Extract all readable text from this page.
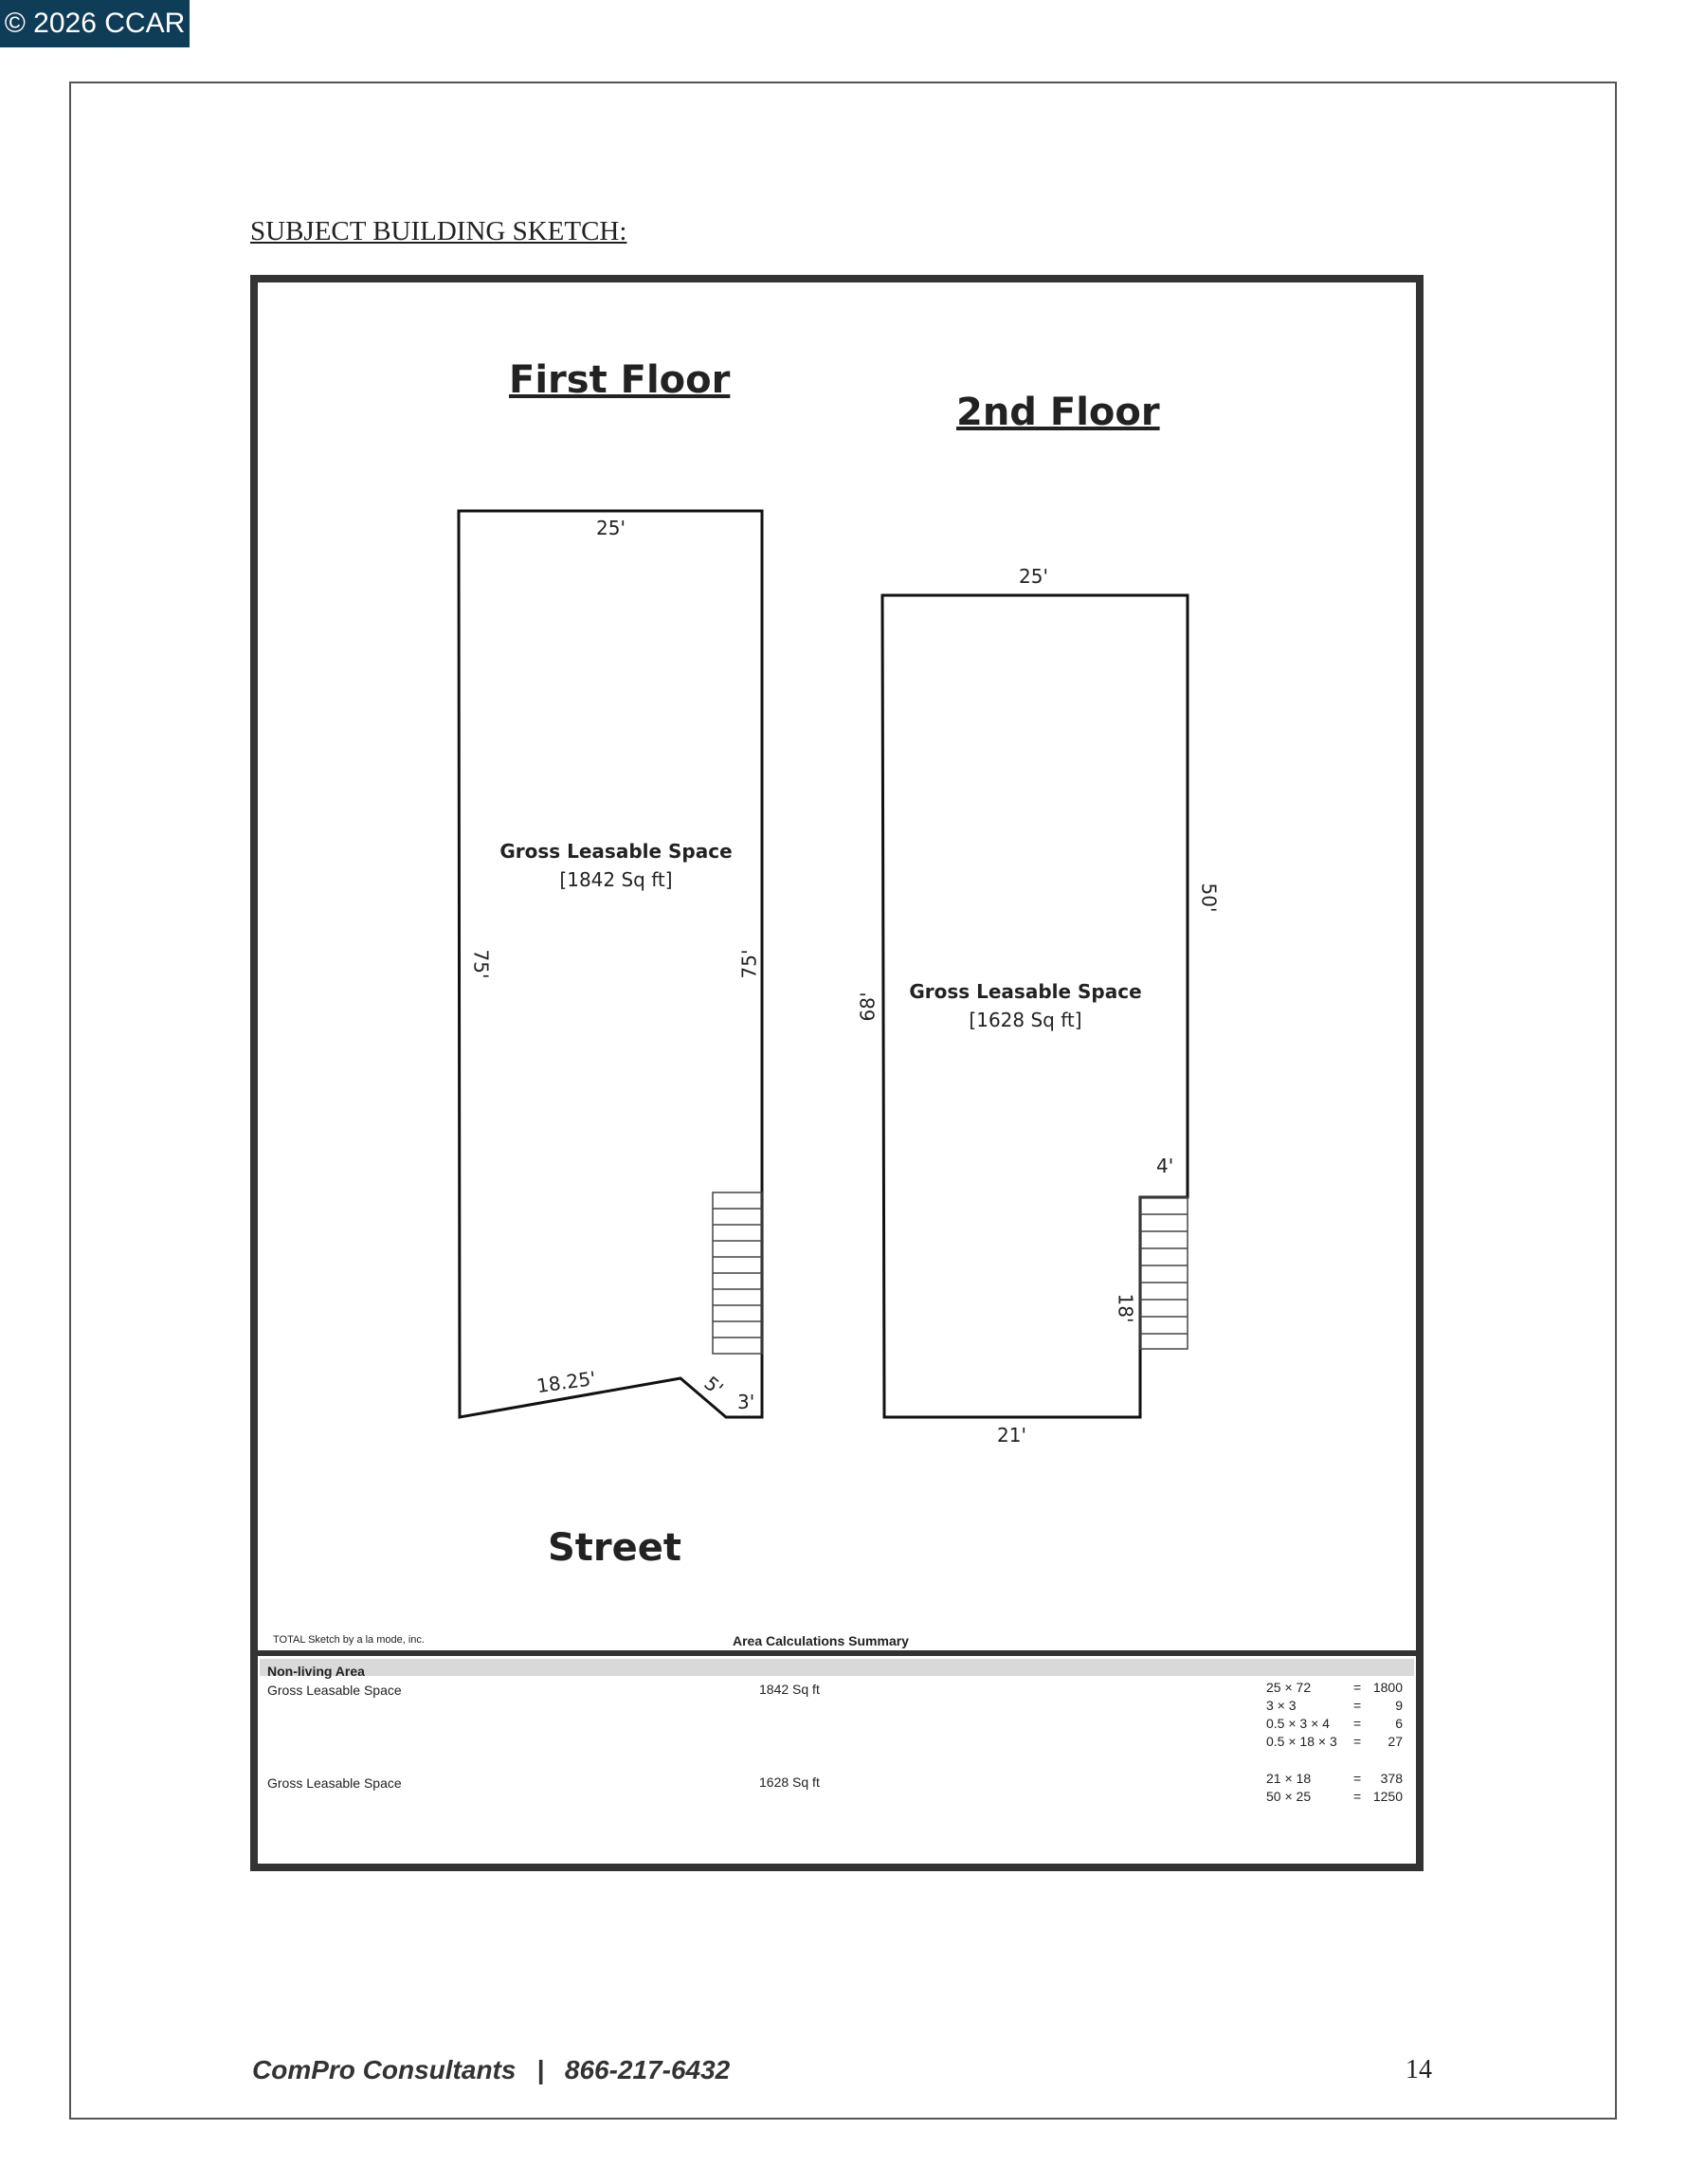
© 2026 CCAR
SUBJECT BUILDING SKETCH:
First Floor
2nd Floor
25'
75'	75'
18.25'	5'
3'
Gross Leasable Space
[1842 Sq ft]
25'
68'
50'
4'
18'
21'
Gross Leasable Space
[1628 Sq ft]
Street
TOTAL Sketch by a la mode, inc.	Area Calculations Summary
Non-living Area
Gross Leasable Space	1842 Sq ft	25 × 72	= 1800
3 × 3	=	9
0.5 × 3 × 4 =	6
0.5 × 18 × 3 =	27
Gross Leasable Space	1628 Sq ft	21 × 18	=	378
50 × 25	= 1250
ComPro Consultants | 866-217-6432	14
